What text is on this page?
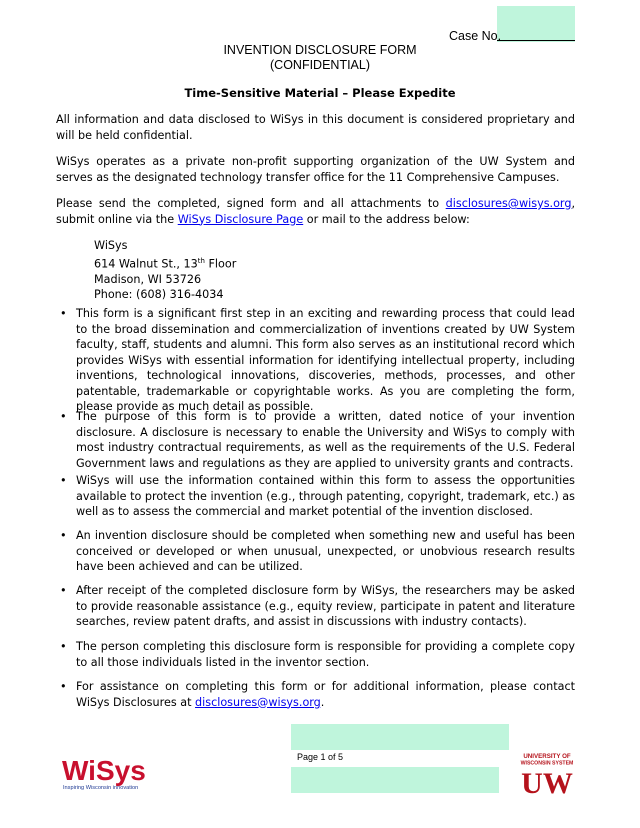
Case No.
INVENTION DISCLOSURE FORM
(CONFIDENTIAL)
Time-Sensitive Material – Please Expedite
All information and data disclosed to WiSys in this document is considered proprietary and will be held confidential.
WiSys operates as a private non-profit supporting organization of the UW System and serves as the designated technology transfer office for the 11 Comprehensive Campuses.
Please send the completed, signed form and all attachments to disclosures@wisys.org, submit online via the WiSys Disclosure Page or mail to the address below:
WiSys
614 Walnut St., 13th Floor
Madison, WI 53726
Phone: (608) 316-4034
• This form is a significant first step in an exciting and rewarding process that could lead to the broad dissemination and commercialization of inventions created by UW System faculty, staff, students and alumni. This form also serves as an institutional record which provides WiSys with essential information for identifying intellectual property, including inventions, technological innovations, discoveries, methods, processes, and other patentable, trademarkable or copyrightable works. As you are completing the form, please provide as much detail as possible.
• The purpose of this form is to provide a written, dated notice of your invention disclosure. A disclosure is necessary to enable the University and WiSys to comply with most industry contractual requirements, as well as the requirements of the U.S. Federal Government laws and regulations as they are applied to university grants and contracts.
• WiSys will use the information contained within this form to assess the opportunities available to protect the invention (e.g., through patenting, copyright, trademark, etc.) as well as to assess the commercial and market potential of the invention disclosed.
• An invention disclosure should be completed when something new and useful has been conceived or developed or when unusual, unexpected, or unobvious research results have been achieved and can be utilized.
• After receipt of the completed disclosure form by WiSys, the researchers may be asked to provide reasonable assistance (e.g., equity review, participate in patent and literature searches, review patent drafts, and assist in discussions with industry contacts).
• The person completing this disclosure form is responsible for providing a complete copy to all those individuals listed in the inventor section.
• For assistance on completing this form or for additional information, please contact WiSys Disclosures at disclosures@wisys.org.
Page 1 of 5
WiSys
Inspiring Wisconsin innovation
UNIVERSITY OF
WISCONSIN SYSTEM
UW
